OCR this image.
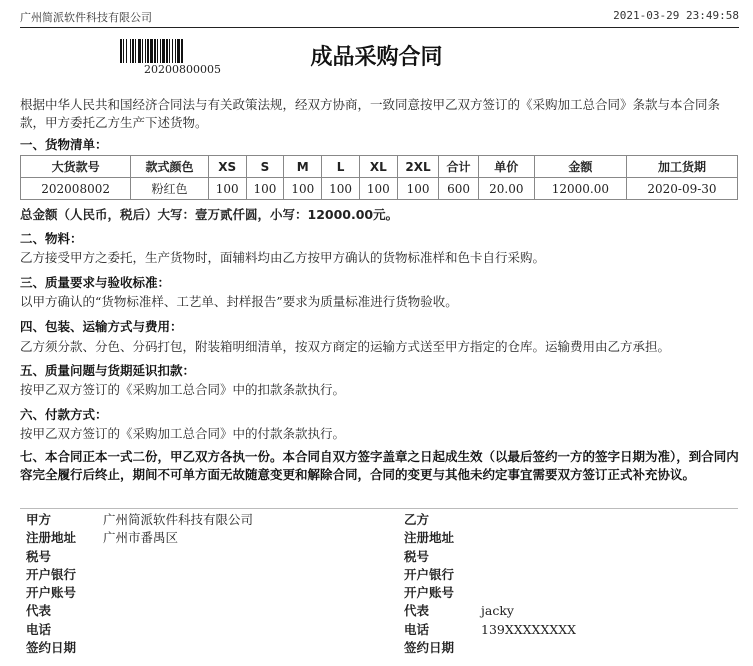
广州简派软件科技有限公司	2021-03-29 23:49:58
20200800005	成品采购合同
根据中华人民共和国经济合同法与有关政策法规，经双方协商，一致同意按甲乙双方签订的《采购加工总合同》条款与本合同条款，甲方委托乙方生产下述货物。
一、货物清单：
大货款号	款式颜色	XS	S	M	L	XL	2XL	合计	单价	金额	加工货期
202008002	粉红色	100	100	100	100	100	100	600	20.00	12000.00	2020-09-30
总金额（人民币，税后）大写：壹万贰仟圆，小写：12000.00元。
二、物料：
乙方接受甲方之委托，生产货物时，面辅料均由乙方按甲方确认的货物标准样和色卡自行采购。
三、质量要求与验收标准：
以甲方确认的“货物标准样、工艺单、封样报告”要求为质量标准进行货物验收。
四、包装、运输方式与费用：
乙方须分款、分色、分码打包，附装箱明细清单，按双方商定的运输方式送至甲方指定的仓库。运输费用由乙方承担。
五、质量问题与货期延识扣款：
按甲乙双方签订的《采购加工总合同》中的扣款条款执行。
六、付款方式：
按甲乙双方签订的《采购加工总合同》中的付款条款执行。
七、本合同正本一式二份，甲乙双方各执一份。本合同自双方签字盖章之日起成生效（以最后签约一方的签字日期为准），到合同内容完全履行后终止，期间不可单方面无故随意变更和解除合同，合同的变更与其他未约定事宜需要双方签订正式补充协议。
甲方	广州简派软件科技有限公司
注册地址	广州市番禺区
税号
开户银行
开户账号
代表
电话
签约日期
乙方
注册地址
税号
开户银行
开户账号
代表	jacky
电话	139XXXXXXXX
签约日期
